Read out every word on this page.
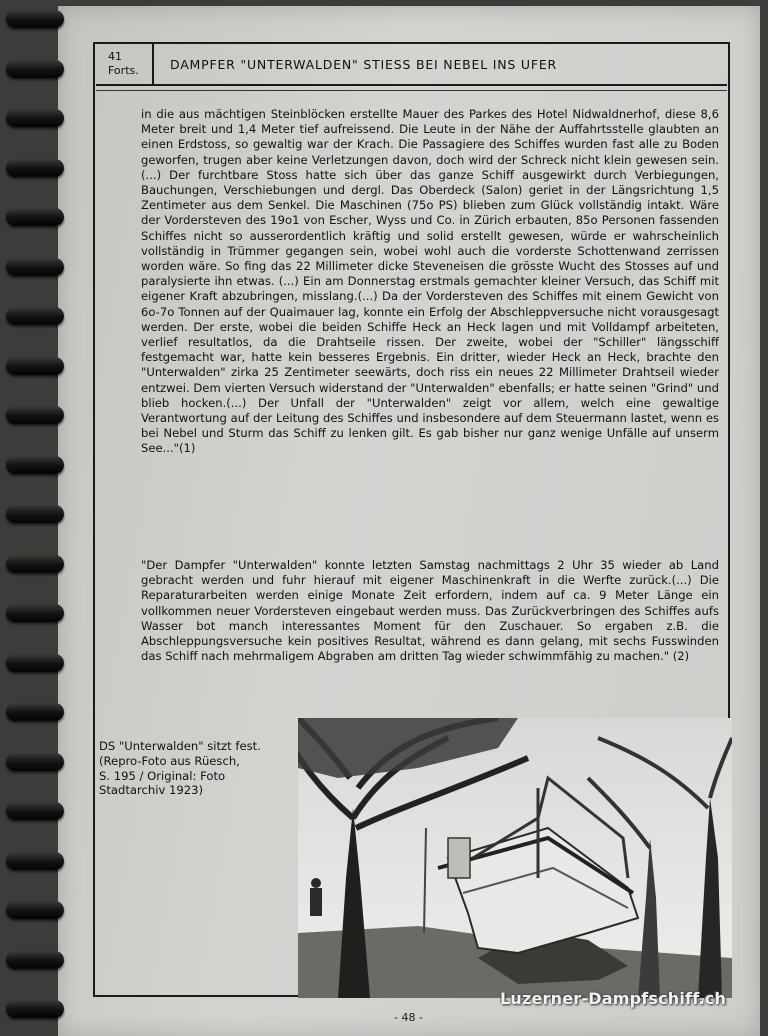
41
Forts.	DAMPFER "UNTERWALDEN" STIESS BEI NEBEL INS UFER
in die aus mächtigen Steinblöcken erstellte Mauer des Parkes des Hotel Nidwaldnerhof, diese 8,6 Meter breit und 1,4 Meter tief aufreissend. Die Leute in der Nähe der Auffahrtsstelle glaubten an einen Erdstoss, so gewaltig war der Krach. Die Passagiere des Schiffes wurden fast alle zu Boden geworfen, trugen aber keine Verletzungen davon, doch wird der Schreck nicht klein gewesen sein. (...) Der furchtbare Stoss hatte sich über das ganze Schiff ausgewirkt durch Verbiegungen, Bauchungen, Verschiebungen und dergl. Das Oberdeck (Salon) geriet in der Längsrichtung 1,5 Zentimeter aus dem Senkel. Die Maschinen (75o PS) blieben zum Glück vollständig intakt. Wäre der Vordersteven des 19o1 von Escher, Wyss und Co. in Zürich erbauten, 85o Personen fassenden Schiffes nicht so ausserordentlich kräftig und solid erstellt gewesen, würde er wahrscheinlich vollständig in Trümmer gegangen sein, wobei wohl auch die vorderste Schottenwand zerrissen worden wäre. So fing das 22 Millimeter dicke Steveneisen die grösste Wucht des Stosses auf und paralysierte ihn etwas. (...) Ein am Donnerstag erstmals gemachter kleiner Versuch, das Schiff mit eigener Kraft abzubringen, misslang.(...) Da der Vordersteven des Schiffes mit einem Gewicht von 6o-7o Tonnen auf der Quaimauer lag, konnte ein Erfolg der Abschleppversuche nicht vorausgesagt werden. Der erste, wobei die beiden Schiffe Heck an Heck lagen und mit Volldampf arbeiteten, verlief resultatlos, da die Drahtseile rissen. Der zweite, wobei der "Schiller" längsschiff festgemacht war, hatte kein besseres Ergebnis. Ein dritter, wieder Heck an Heck, brachte den "Unterwalden" zirka 25 Zentimeter seewärts, doch riss ein neues 22 Millimeter Drahtseil wieder entzwei. Dem vierten Versuch widerstand der "Unterwalden" ebenfalls; er hatte seinen "Grind" und blieb hocken.(...) Der Unfall der "Unterwalden" zeigt vor allem, welch eine gewaltige Verantwortung auf der Leitung des Schiffes und insbesondere auf dem Steuermann lastet, wenn es bei Nebel und Sturm das Schiff zu lenken gilt. Es gab bisher nur ganz wenige Unfälle auf unserm See..."(1)
"Der Dampfer "Unterwalden" konnte letzten Samstag nachmittags 2 Uhr 35 wieder ab Land gebracht werden und fuhr hierauf mit eigener Maschinenkraft in die Werfte zurück.(...) Die Reparaturarbeiten werden einige Monate Zeit erfordern, indem auf ca. 9 Meter Länge ein vollkommen neuer Vordersteven eingebaut werden muss. Das Zurückverbringen des Schiffes aufs Wasser bot manch interessantes Moment für den Zuschauer. So ergaben z.B. die Abschleppungsversuche kein positives Resultat, während es dann gelang, mit sechs Fusswinden das Schiff nach mehrmaligem Abgraben am dritten Tag wieder schwimmfähig zu machen." (2)
DS "Unterwalden" sitzt fest.
(Repro-Foto aus Rüesch,
S. 195 / Original: Foto
Stadtarchiv 1923)
- 48 -
Luzerner-Dampfschiff.ch
